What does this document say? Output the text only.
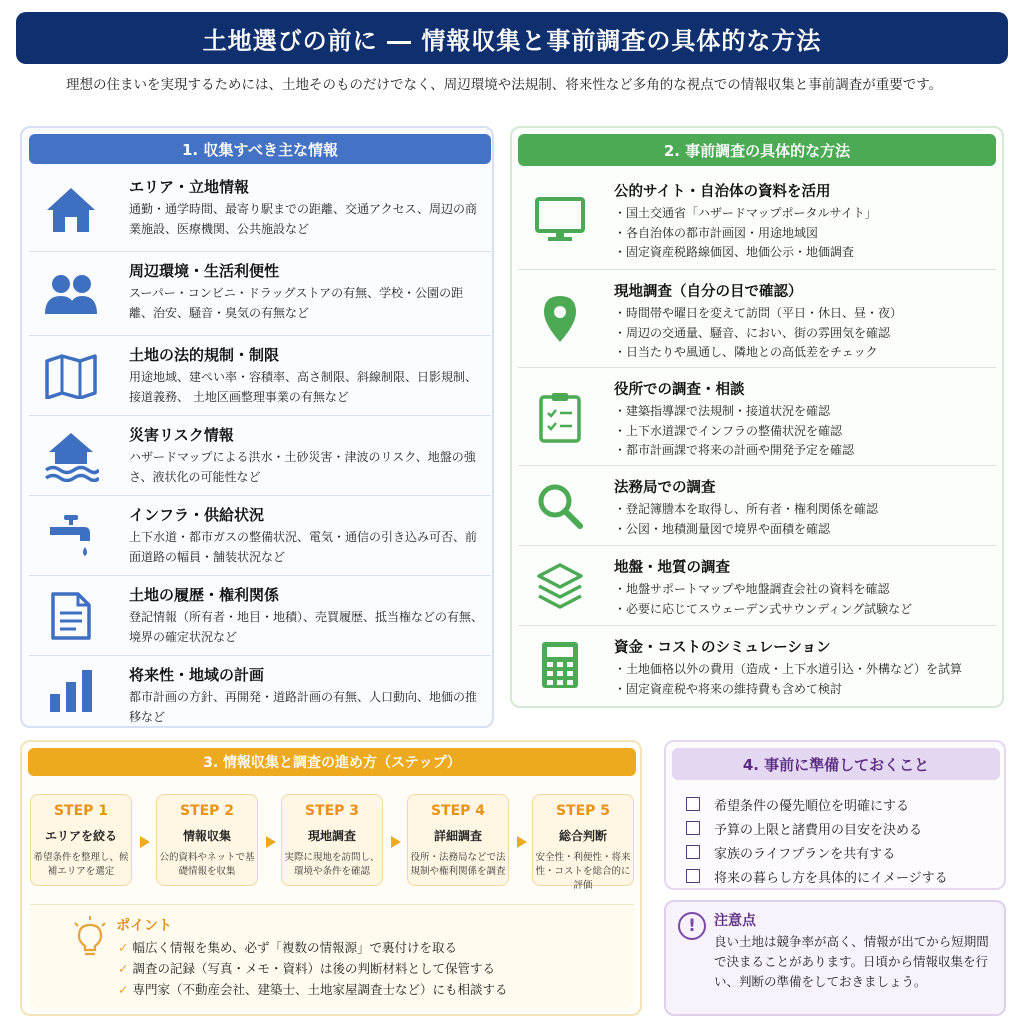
土地選びの前に ― 情報収集と事前調査の具体的な方法

理想の住まいを実現するためには、土地そのものだけでなく、周辺環境や法規制、将来性など多角的な視点での情報収集と事前調査が重要です。

1. 収集すべき主な情報
エリア・立地情報
通勤・通学時間、最寄り駅までの距離、交通アクセス、周辺の商業施設、医療機関、公共施設など
周辺環境・生活利便性
スーパー・コンビニ・ドラッグストアの有無、学校・公園の距離、治安、騒音・臭気の有無など
土地の法的規制・制限
用途地域、建ぺい率・容積率、高さ制限、斜線制限、日影規制、接道義務、 土地区画整理事業の有無など
災害リスク情報
ハザードマップによる洪水・土砂災害・津波のリスク、地盤の強さ、液状化の可能性など
インフラ・供給状況
上下水道・都市ガスの整備状況、電気・通信の引き込み可否、前面道路の幅員・舗装状況など
土地の履歴・権利関係
登記情報（所有者・地目・地積）、売買履歴、抵当権などの有無、境界の確定状況など
将来性・地域の計画
都市計画の方針、再開発・道路計画の有無、人口動向、地価の推移など
2. 事前調査の具体的な方法
公的サイト・自治体の資料を活用
・ 国土交通省「ハザードマップポータルサイト」
・ 各自治体の都市計画図・用途地域図
・ 固定資産税路線価図、地価公示・地価調査
現地調査（自分の目で確認）
・ 時間帯や曜日を変えて訪問（平日・休日、昼・夜）
・ 周辺の交通量、騒音、におい、街の雰囲気を確認
・ 日当たりや風通し、隣地との高低差をチェック
役所での調査・相談
・ 建築指導課で法規制・接道状況を確認
・ 上下水道課でインフラの整備状況を確認
・ 都市計画課で将来の計画や開発予定を確認
法務局での調査
・ 登記簿謄本を取得し、所有者・権利関係を確認
・ 公図・地積測量図で境界や面積を確認
地盤・地質の調査
・ 地盤サポートマップや地盤調査会社の資料を確認
・ 必要に応じてスウェーデン式サウンディング試験など
資金・コストのシミュレーション
・ 土地価格以外の費用（造成・上下水道引込・外構など）を試算
・ 固定資産税や将来の維持費も含めて検討
3. 情報収集と調査の進め方（ステップ）
STEP 1
エリアを絞る
希望条件を整理し、候補エリアを選定
STEP 2
情報収集
公的資料やネットで基礎情報を収集
STEP 3
現地調査
実際に現地を訪問し、環境や条件を確認
STEP 4
詳細調査
役所・法務局などで法規制や権利関係を調査
STEP 5
総合判断
安全性・利便性・将来性・コストを総合的に評価
ポイント
✓ 幅広く情報を集め、必ず「複数の情報源」で裏付けを取る
✓ 調査の記録（写真・メモ・資料）は後の判断材料として保管する
✓ 専門家（不動産会社、建築士、土地家屋調査士など）にも相談する
4. 事前に準備しておくこと
希望条件の優先順位を明確にする
予算の上限と諸費用の目安を決める
家族のライフプランを共有する
将来の暮らし方を具体的にイメージする
!	注意点
良い土地は競争率が高く、情報が出てから短期間で決まることがあります。日頃から情報収集を行い、判断の準備をしておきましょう。
